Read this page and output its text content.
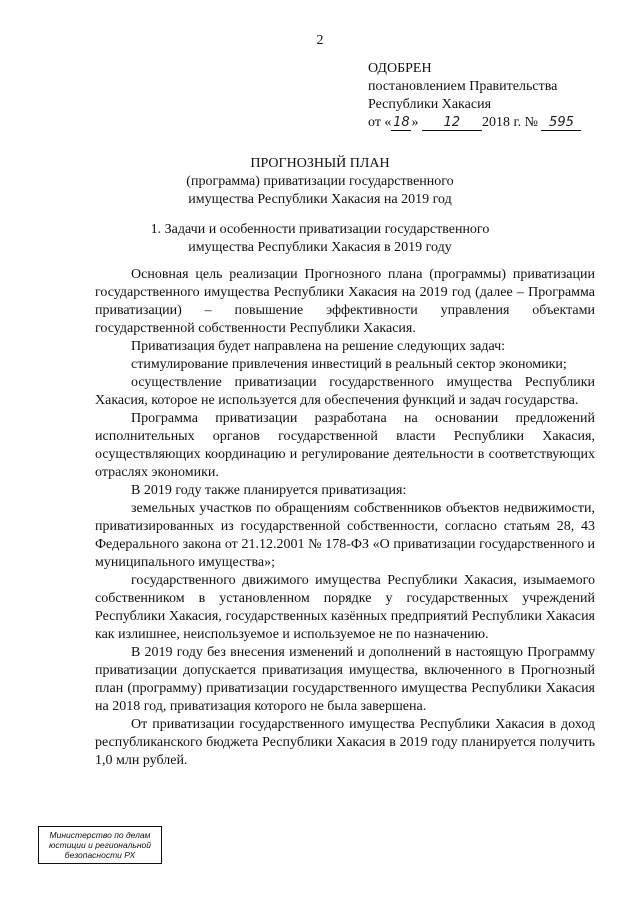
2
ОДОБРЕН
постановлением Правительства
Республики Хакасия
от « 18 » 12 2018 г. № 595
ПРОГНОЗНЫЙ ПЛАН
(программа) приватизации государственного
имущества Республики Хакасия на 2019 год
1. Задачи и особенности приватизации государственного
имущества Республики Хакасия в 2019 году

Основная цель реализации Прогнозного плана (программы) приватизации государственного имущества Республики Хакасия на 2019 год (далее – Программа приватизации) – повышение эффективности управления объектами государственной собственности Республики Хакасия.

Приватизация будет направлена на решение следующих задач:

стимулирование привлечения инвестиций в реальный сектор экономики;

осуществление приватизации государственного имущества Республики Хакасия, которое не используется для обеспечения функций и задач государства.

Программа приватизации разработана на основании предложений исполнительных органов государственной власти Республики Хакасия, осуществляющих координацию и регулирование деятельности в соответствующих отраслях экономики.

В 2019 году также планируется приватизация:

земельных участков по обращениям собственников объектов недвижимости, приватизированных из государственной собственности, согласно статьям 28, 43 Федерального закона от 21.12.2001 № 178-ФЗ «О приватизации государственного и муниципального имущества»;

государственного движимого имущества Республики Хакасия, изымаемого собственником в установленном порядке у государственных учреждений Республики Хакасия, государственных казённых предприятий Республики Хакасия как излишнее, неиспользуемое и используемое не по назначению.

В 2019 году без внесения изменений и дополнений в настоящую Программу приватизации допускается приватизация имущества, включенного в Прогнозный план (программу) приватизации государственного имущества Республики Хакасия на 2018 год, приватизация которого не была завершена.

От приватизации государственного имущества Республики Хакасия в доход республиканского бюджета Республики Хакасия в 2019 году планируется получить 1,0 млн рублей.

Министерство по делам
юстиции и региональной
безопасности РХ
